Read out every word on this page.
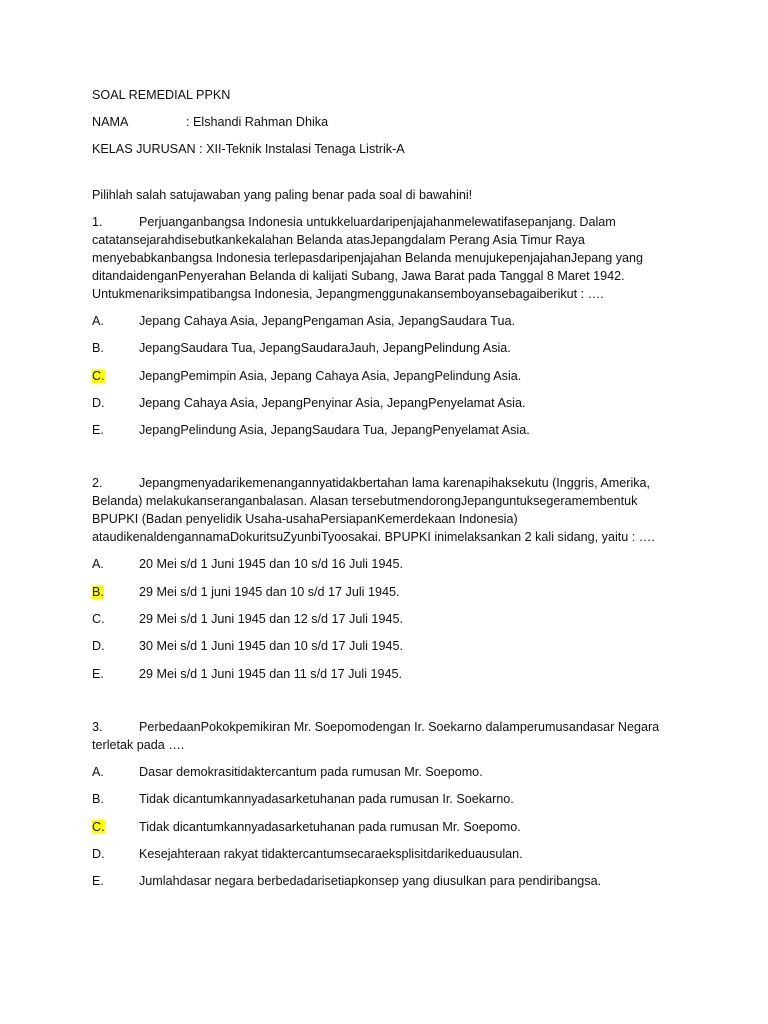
SOAL REMEDIAL PPKN
NAMA	: Elshandi Rahman Dhika
KELAS JURUSAN : XII-Teknik Instalasi Tenaga Listrik-A
Pilihlah salah satujawaban yang paling benar pada soal di bawahini!
1.	Perjuanganbangsa Indonesia untukkeluardaripenjajahanmelewatifasepanjang. Dalam
catatansejarahdisebutkankekalahan Belanda atasJepangdalam Perang Asia Timur Raya
menyebabkanbangsa Indonesia terlepasdaripenjajahan Belanda menujukepenjajahanJepang yang
ditandaidenganPenyerahan Belanda di kalijati Subang, Jawa Barat pada Tanggal 8 Maret 1942.
Untukmenariksimpatibangsa Indonesia, Jepangmenggunakansemboyansebagaiberikut : ….
A.	Jepang Cahaya Asia, JepangPengaman Asia, JepangSaudara Tua.
B.	JepangSaudara Tua, JepangSaudaraJauh, JepangPelindung Asia.
C.	JepangPemimpin Asia, Jepang Cahaya Asia, JepangPelindung Asia.
D.	Jepang Cahaya Asia, JepangPenyinar Asia, JepangPenyelamat Asia.
E.	JepangPelindung Asia, JepangSaudara Tua, JepangPenyelamat Asia.
2.	Jepangmenyadarikemenangannyatidakbertahan lama karenapihaksekutu (Inggris, Amerika,
Belanda) melakukanseranganbalasan. Alasan tersebutmendorongJepanguntuksegeramembentuk
BPUPKI (Badan penyelidik Usaha-usahaPersiapanKemerdekaan Indonesia)
ataudikenaldengannamaDokuritsuZyunbiTyoosakai. BPUPKI inimelaksankan 2 kali sidang, yaitu : ….
A.	20 Mei s/d 1 Juni 1945 dan 10 s/d 16 Juli 1945.
B.	29 Mei s/d 1 juni 1945 dan 10 s/d 17 Juli 1945.
C.	29 Mei s/d 1 Juni 1945 dan 12 s/d 17 Juli 1945.
D.	30 Mei s/d 1 Juni 1945 dan 10 s/d 17 Juli 1945.
E.	29 Mei s/d 1 Juni 1945 dan 11 s/d 17 Juli 1945.
3.	PerbedaanPokokpemikiran Mr. Soepomodengan Ir. Soekarno dalamperumusandasar Negara
terletak pada ….
A.	Dasar demokrasitidaktercantum pada rumusan Mr. Soepomo.
B.	Tidak dicantumkannyadasarketuhanan pada rumusan Ir. Soekarno.
C.	Tidak dicantumkannyadasarketuhanan pada rumusan Mr. Soepomo.
D.	Kesejahteraan rakyat tidaktercantumsecaraeksplisitdarikeduausulan.
E.	Jumlahdasar negara berbedadarisetiapkonsep yang diusulkan para pendiribangsa.
